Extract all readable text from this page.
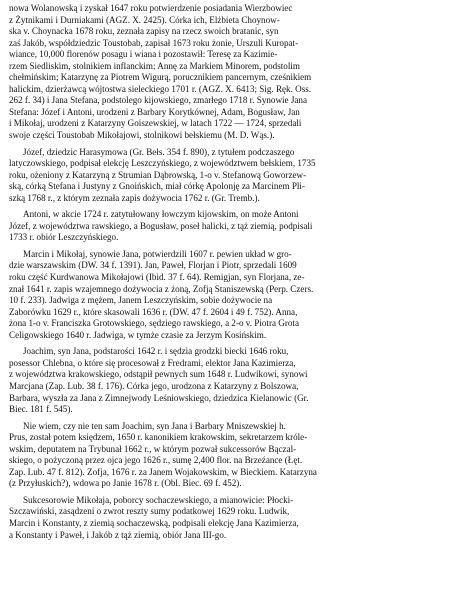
nowa Wolanowską i zyskał 1647 roku potwierdzenie posiadania Wierzbowiec
z Żytnikami i Durniakami (AGZ. X. 2425). Córka ich, Elżbieta Choynow-
ska v. Choynacka 1678 roku, zeznała zapisy na rzecz swoich bratanic, syn
zaś Jakób, współdziedzic Toustobab, zapisał 1673 roku żonie, Urszuli Kuropat-
wiance, 10,000 florenów posagu i wiana i pozostawił: Teresę za Kazimie-
rzem Siedliskim, stolnikiem inflanckim; Annę za Markiem Minorem, podstolim
chełmińskim; Katarzynę za Piotrem Wigurą, porucznikiem pancernym, cześnikiem
halickim, dzierżawcą wójtostwa sieleckiego 1701 r. (AGZ. X. 6413; Sig. Ręk. Oss.
262 f. 34) i Jana Stefana, podstolego kijowskiego, zmarłego 1718 r. Synowie Jana
Stefana: Józef i Antoni, urodzeni z Barbary Korytkównej, Adam, Bogusław, Jan
i Mikołaj, urodzeni z Katarzyny Goiszewskiej, w latach 1722 — 1724, sprzedali
swoje części Toustobab Mikołajowi, stolnikowi bełskiemu (M. D. Wąs.).

Józef, dziedzic Harasymowa (Gr. Bełs. 354 f. 890), z tytułem podczaszego
latyczowskiego, podpisał elekcję Leszczyńskiego, z województwem bełskiem, 1735
roku, ożeniony z Katarzyną z Strumian Dąbrowską, 1-o v. Stefanową Goworzew-
ską, córką Stefana i Justyny z Gnoińskich, miał córkę Apolonję za Marcinem Pli-
szką 1768 r., z którym zeznała zapis dożywocia 1762 r. (Gr. Tremb.).

Antoni, w akcie 1724 r. zatytułowany łowczym kijowskim, on może Antoni
Józef, z województwa rawskiego, a Bogusław, poseł halicki, z tąż ziemią, podpisali
1733 r. obiór Leszczyńskiego.

Marcin i Mikołaj, synowie Jana, potwierdzili 1607 r. pewien układ w gro-
dzie warszawskim (DW. 34 f. 1391). Jan, Paweł, Florjan i Piotr, sprzedali 1609
roku część Kurdwanowa Mikołajowi (Ibid. 37 f. 64). Remigjan, syn Florjana, ze-
znał 1641 r. zapis wzajemnego dożywocia z żoną, Zofją Staniszewską (Perp. Czers.
10 f. 233). Jadwiga z mężem, Janem Leszczyńskim, sobie dożywocie na
Zaborówku 1629 r., które skasowali 1636 r. (DW. 47 f. 2604 i 49 f. 752). Anna,
żona 1-o v. Franciszka Grotowskiego, sędziego rawskiego, a 2-o v. Piotra Grota
Celigowskiego 1640 r. Jadwiga, w tymże czasie za Jerzym Kosińskim.

Joachim, syn Jana, podstarości 1642 r. i sędzia grodzki biecki 1646 roku,
posessor Chlebna, o które się procesował z Fredrami, elektor Jana Kazimierza,
z województwa krakowskiego, odstąpił pewnych sum 1648 r. Ludwikowi, synowi
Marcjana (Zap. Lub. 38 f. 176). Córka jego, urodzona z Katarzyny z Bolszowa,
Barbara, wyszła za Jana z Zimnejwody Leśniowskiego, dziedzica Kielanowic (Gr.
Biec. 181 f. 545).

Nie wiem, czy nie ten sam Joachim, syn Jana i Barbary Mniszewskiej h.
Prus, został potem księdzem, 1650 r. kanonikiem krakowskim, sekretarzem króle-
wskim, deputatem na Trybunał 1662 r., w którym pozwał sukcessorów Bączal-
skiego, o pożyczoną przez ojca jego 1626 r., sumę 2,400 flor. na Brzeźance (Łęt.
Zap. Lub. 47 f. 812). Zofja, 1676 r. za Janem Wojakowskim, w Bieckiem. Katarzyna
(z Przyłuskich?), wdowa po Janie 1678 r. (Obl. Biec. 69 f. 452).

Sukcesorowie Mikołaja, poborcy sochaczewskiego, a mianowicie: Płocki-
Szczawiński, zasądzeni o zwrot reszty sumy podatkowej 1629 roku. Ludwik,
Marcin i Konstanty, z ziemią sochaczewską, podpisali elekcję Jana Kazimierza,
a Konstanty i Paweł, i Jakób z tąż ziemią, obiór Jana III-go.
